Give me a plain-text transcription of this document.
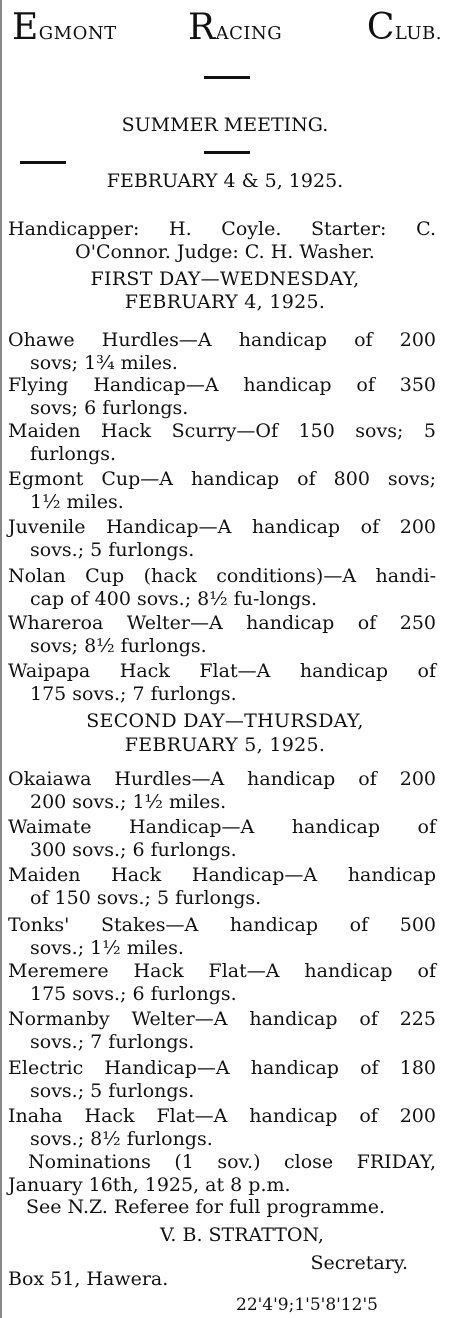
EGMONT RACING CLUB.
SUMMER MEETING.
FEBRUARY 4 & 5, 1925.
Handicapper: H. Coyle. Starter: C.
O'Connor. Judge: C. H. Washer.
FIRST DAY—WEDNESDAY,
FEBRUARY 4, 1925.
Ohawe Hurdles—A handicap of 200
sovs; 1¾ miles.
Flying Handicap—A handicap of 350
sovs; 6 furlongs.
Maiden Hack Scurry—Of 150 sovs; 5
furlongs.
Egmont Cup—A handicap of 800 sovs;
1½ miles.
Juvenile Handicap—A handicap of 200
sovs.; 5 furlongs.
Nolan Cup (hack conditions)—A handi-
cap of 400 sovs.; 8½ fu-longs.
Whareroa Welter—A handicap of 250
sovs; 8½ furlongs.
Waipapa Hack Flat—A handicap of
175 sovs.; 7 furlongs.
SECOND DAY—THURSDAY,
FEBRUARY 5, 1925.
Okaiawa Hurdles—A handicap of 200
200 sovs.; 1½ miles.
Waimate Handicap—A handicap of
300 sovs.; 6 furlongs.
Maiden Hack Handicap—A handicap
of 150 sovs.; 5 furlongs.
Tonks' Stakes—A handicap of 500
sovs.; 1½ miles.
Meremere Hack Flat—A handicap of
175 sovs.; 6 furlongs.
Normanby Welter—A handicap of 225
sovs.; 7 furlongs.
Electric Handicap—A handicap of 180
sovs.; 5 furlongs.
Inaha Hack Flat—A handicap of 200
sovs.; 8½ furlongs.
Nominations (1 sov.) close FRIDAY,
January 16th, 1925, at 8 p.m.
See N.Z. Referee for full programme.
V. B. STRATTON,
Secretary.
Box 51, Hawera.
22'4'9;1'5'8'12'5
